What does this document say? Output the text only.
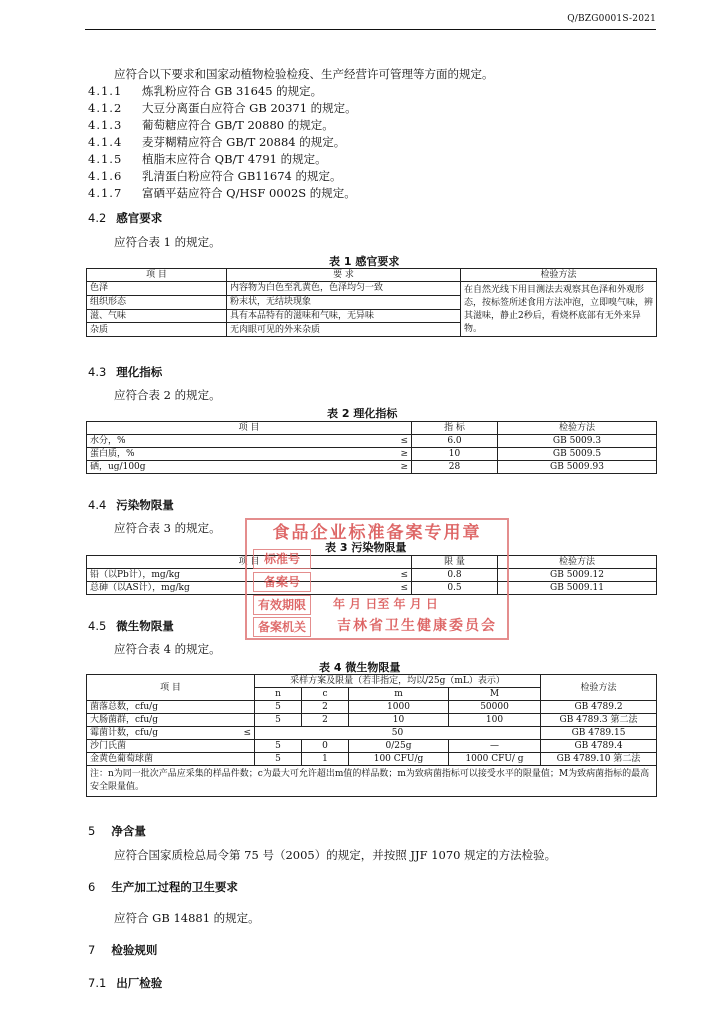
Q/BZG0001S-2021
应符合以下要求和国家动植物检验检疫、生产经营许可管理等方面的规定。
4.1.1 炼乳粉应符合 GB 31645 的规定。
4.1.2 大豆分离蛋白应符合 GB 20371 的规定。
4.1.3 葡萄糖应符合 GB/T 20880 的规定。
4.1.4 麦芽糊精应符合 GB/T 20884 的规定。
4.1.5 植脂末应符合 QB/T 4791 的规定。
4.1.6 乳清蛋白粉应符合 GB11674 的规定。
4.1.7 富硒平菇应符合 Q/HSF 0002S 的规定。
4.2 感官要求
应符合表 1 的规定。
表 1 感官要求
项 目	要 求	检验方法
色泽	内容物为白色至乳黄色，色泽均匀一致	在自然光线下用目测法去观察其色泽和外观形态，按标签所述食用方法冲泡，立即嗅气味，辨其滋味，静止2秒后，看烧杯底部有无外来异物。
组织形态	粉末状，无结块现象	
滋、气味	具有本品特有的滋味和气味，无异味	
杂质	无肉眼可见的外来杂质	
4.3 理化指标
应符合表 2 的规定。
表 2 理化指标
项 目	指 标	检验方法
水分，% ≤	6.0	GB 5009.3
蛋白质，% ≥	10	GB 5009.5
硒，ug/100g ≥	28	GB 5009.93
4.4 污染物限量
应符合表 3 的规定。
表 3 污染物限量
项 目	限 量	检验方法
铅（以Pb计），mg/kg ≤	0.8	GB 5009.12
总砷（以AS计），mg/kg ≤	0.5	GB 5009.11
食品企业标准备案专用章
标准号
备案号
有效期限	年 月 日至 年 月 日
备案机关	吉林省卫生健康委员会
4.5 微生物限量
应符合表 4 的规定。
表 4 微生物限量
项 目	采样方案及限量（若非指定，均以/25g（mL）表示）				检验方法
	n	c	m	M	
菌落总数，cfu/g	5	2	1000	50000	GB 4789.2
大肠菌群，cfu/g	5	2	10	100	GB 4789.3 第二法
霉菌计数，cfu/g ≤	50				GB 4789.15
沙门氏菌	5	0	0/25g	—	GB 4789.4
金黄色葡萄球菌	5	1	100 CFU/g	1000 CFU/ g	GB 4789.10 第二法
注：n为同一批次产品应采集的样品件数；c为最大可允许超出m值的样品数；m为致病菌指标可以接受水平的限量值；M为致病菌指标的最高安全限量值。					
5 净含量
应符合国家质检总局令第 75 号（2005）的规定，并按照 JJF 1070 规定的方法检验。
6 生产加工过程的卫生要求
应符合 GB 14881 的规定。
7 检验规则
7.1 出厂检验
